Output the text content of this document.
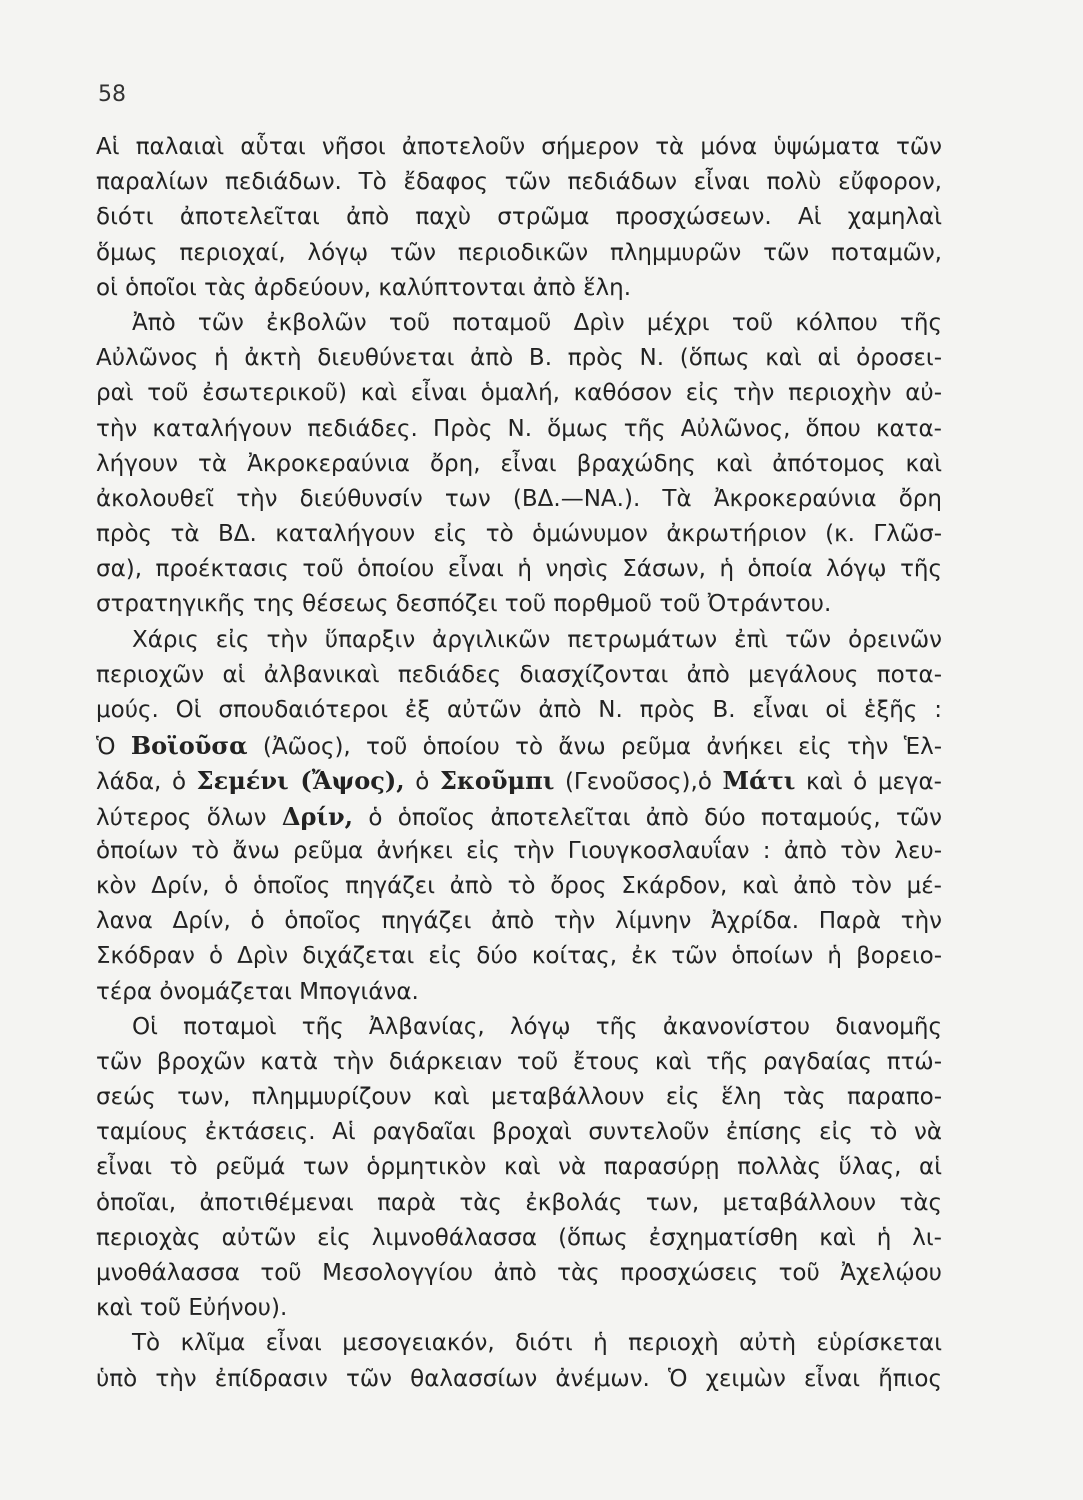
58
Αἱ παλαιαὶ αὗται νῆσοι ἀποτελοῦν σήμερον τὰ μόνα ὑψώματα τῶν
παραλίων πεδιάδων. Τὸ ἔδαφος τῶν πεδιάδων εἶναι πολὺ εὔφορον,
διότι ἀποτελεῖται ἀπὸ παχὺ στρῶμα προσχώσεων. Αἱ χαμηλαὶ
ὅμως περιοχαί, λόγῳ τῶν περιοδικῶν πλημμυρῶν τῶν ποταμῶν,
οἱ ὁποῖοι τὰς ἀρδεύουν, καλύπτονται ἀπὸ ἕλη.
Ἀπὸ τῶν ἐκβολῶν τοῦ ποταμοῦ Δρὶν μέχρι τοῦ κόλπου τῆς
Αὐλῶνος ἡ ἀκτὴ διευθύνεται ἀπὸ Β. πρὸς Ν. (ὅπως καὶ αἱ ὀροσει-
ραὶ τοῦ ἐσωτερικοῦ) καὶ εἶναι ὁμαλή, καθόσον εἰς τὴν περιοχὴν αὐ-
τὴν καταλήγουν πεδιάδες. Πρὸς Ν. ὅμως τῆς Αὐλῶνος, ὅπου κατα-
λήγουν τὰ Ἀκροκεραύνια ὄρη, εἶναι βραχώδης καὶ ἀπότομος καὶ
ἀκολουθεῖ τὴν διεύθυνσίν των (ΒΔ.—ΝΑ.). Τὰ Ἀκροκεραύνια ὄρη
πρὸς τὰ ΒΔ. καταλήγουν εἰς τὸ ὁμώνυμον ἀκρωτήριον (κ. Γλῶσ-
σα), προέκτασις τοῦ ὁποίου εἶναι ἡ νησὶς Σάσων, ἡ ὁποία λόγῳ τῆς
στρατηγικῆς της θέσεως δεσπόζει τοῦ πορθμοῦ τοῦ Ὀτράντου.
Χάρις εἰς τὴν ὕπαρξιν ἀργιλικῶν πετρωμάτων ἐπὶ τῶν ὀρεινῶν
περιοχῶν αἱ ἀλβανικαὶ πεδιάδες διασχίζονται ἀπὸ μεγάλους ποτα-
μούς. Οἱ σπουδαιότεροι ἐξ αὐτῶν ἀπὸ Ν. πρὸς Β. εἶναι οἱ ἑξῆς :
Ὁ Βοϊοῦσα (Ἀῶος), τοῦ ὁποίου τὸ ἄνω ρεῦμα ἀνήκει εἰς τὴν Ἑλ-
λάδα, ὁ Σεμένι (Ἄψος), ὁ Σκοῦμπι (Γενοῦσος),ὁ Μάτι καὶ ὁ μεγα-
λύτερος ὅλων Δρίν, ὁ ὁποῖος ἀποτελεῖται ἀπὸ δύο ποταμούς, τῶν
ὁποίων τὸ ἄνω ρεῦμα ἀνήκει εἰς τὴν Γιουγκοσλαυΐαν : ἀπὸ τὸν λευ-
κὸν Δρίν, ὁ ὁποῖος πηγάζει ἀπὸ τὸ ὄρος Σκάρδον, καὶ ἀπὸ τὸν μέ-
λανα Δρίν, ὁ ὁποῖος πηγάζει ἀπὸ τὴν λίμνην Ἀχρίδα. Παρὰ τὴν
Σκόδραν ὁ Δρὶν διχάζεται εἰς δύο κοίτας, ἐκ τῶν ὁποίων ἡ βορειο-
τέρα ὀνομάζεται Μπογιάνα.
Οἱ ποταμοὶ τῆς Ἀλβανίας, λόγῳ τῆς ἀκανονίστου διανομῆς
τῶν βροχῶν κατὰ τὴν διάρκειαν τοῦ ἔτους καὶ τῆς ραγδαίας πτώ-
σεώς των, πλημμυρίζουν καὶ μεταβάλλουν εἰς ἕλη τὰς παραπο-
ταμίους ἐκτάσεις. Αἱ ραγδαῖαι βροχαὶ συντελοῦν ἐπίσης εἰς τὸ νὰ
εἶναι τὸ ρεῦμά των ὁρμητικὸν καὶ νὰ παρασύρῃ πολλὰς ὕλας, αἱ
ὁποῖαι, ἀποτιθέμεναι παρὰ τὰς ἐκβολάς των, μεταβάλλουν τὰς
περιοχὰς αὐτῶν εἰς λιμνοθάλασσα (ὅπως ἐσχηματίσθη καὶ ἡ λι-
μνοθάλασσα τοῦ Μεσολογγίου ἀπὸ τὰς προσχώσεις τοῦ Ἀχελῴου
καὶ τοῦ Εὐήνου).
Τὸ κλῖμα εἶναι μεσογειακόν, διότι ἡ περιοχὴ αὐτὴ εὑρίσκεται
ὑπὸ τὴν ἐπίδρασιν τῶν θαλασσίων ἀνέμων. Ὁ χειμὼν εἶναι ἤπιος
